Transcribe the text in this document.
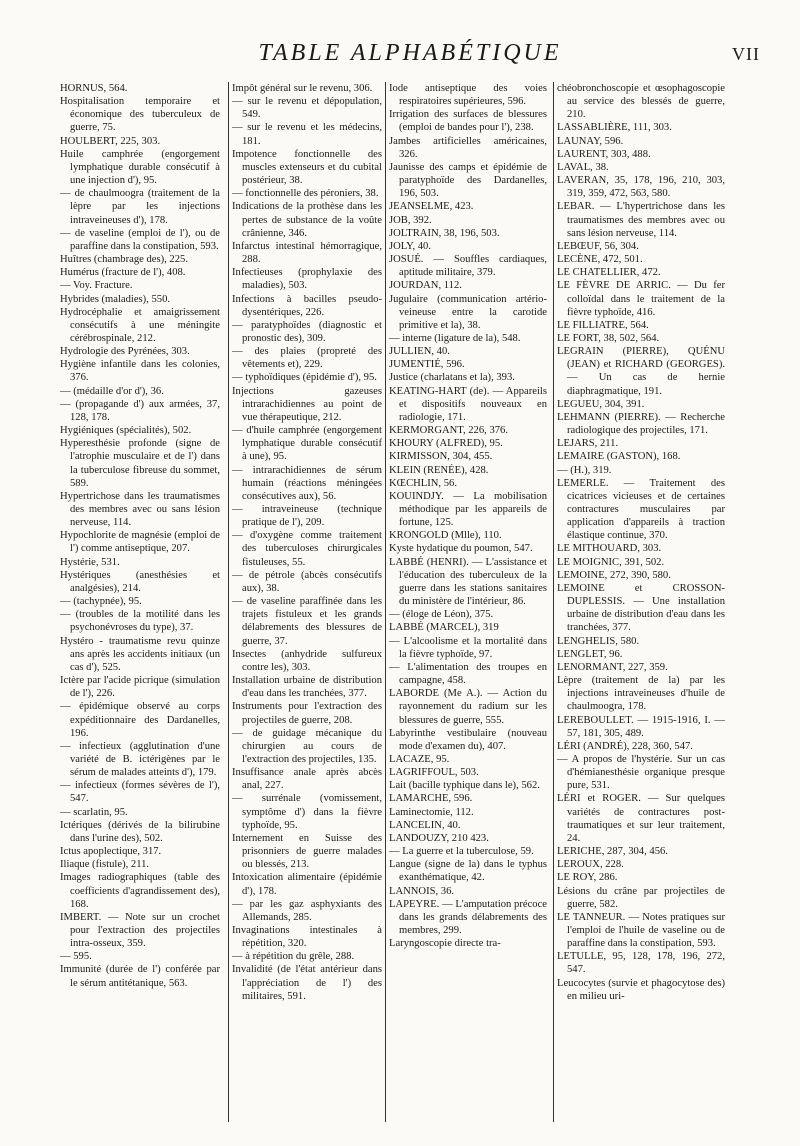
TABLE ALPHABÉTIQUE	VII

HORNUS, 564.

Hospitalisation temporaire et économique des tuberculeux de guerre, 75.

HOULBERT, 225, 303.

Huile camphrée (engorgement lymphatique durable consécutif à une injection d'), 95.

— de chaulmoogra (traitement de la lèpre par les injections intraveineuses d'), 178.

— de vaseline (emploi de l'), ou de paraffine dans la constipation, 593.

Huîtres (chambrage des), 225.

Humérus (fracture de l'), 408.

— Voy. Fracture.

Hybrides (maladies), 550.

Hydrocéphalie et amaigrissement consécutifs à une méningite cérébrospinale, 212.

Hydrologie des Pyrénées, 303.

Hygiène infantile dans les colonies, 376.

— (médaille d'or d'), 36.

— (propagande d') aux armées, 37, 128, 178.

Hygiéniques (spécialités), 502.

Hyperesthésie profonde (signe de l'atrophie musculaire et de l') dans la tuberculose fibreuse du sommet, 589.

Hypertrichose dans les traumatismes des membres avec ou sans lésion nerveuse, 114.

Hypochlorite de magnésie (emploi de l') comme antiseptique, 207.

Hystérie, 531.

Hystériques (anesthésies et analgésies), 214.

— (tachypnée), 95.

— (troubles de la motilité dans les psychonévroses du type), 37.

Hystéro - traumatisme revu quinze ans après les accidents initiaux (un cas d'), 525.

Ictère par l'acide picrique (simulation de l'), 226.

— épidémique observé au corps expéditionnaire des Dardanelles, 196.

— infectieux (agglutination d'une variété de B. ictérigènes par le sérum de malades atteints d'), 179.

— infectieux (formes sévères de l'), 547.

— scarlatin, 95.

Ictériques (dérivés de la bilirubine dans l'urine des), 502.

Ictus apoplectique, 317.

Iliaque (fistule), 211.

Images radiographiques (table des coefficients d'agrandissement des), 168.

IMBERT. — Note sur un crochet pour l'extraction des projectiles intra-osseux, 359.

— 595.

Immunité (durée de l') conférée par le sérum antitétanique, 563.

Impôt général sur le revenu, 306.

— sur le revenu et dépopulation, 549.

— sur le revenu et les médecins, 181.

Impotence fonctionnelle des muscles extenseurs et du cubital postérieur, 38.

— fonctionnelle des péroniers, 38.

Indications de la prothèse dans les pertes de substance de la voûte crânienne, 346.

Infarctus intestinal hémorragique, 288.

Infectieuses (prophylaxie des maladies), 503.

Infections à bacilles pseudo-dysentériques, 226.

— paratyphoïdes (diagnostic et pronostic des), 309.

— des plaies (propreté des vêtements et), 229.

— typhoïdiques (épidémie d'), 95.

Injections gazeuses intrarachidiennes au point de vue thérapeutique, 212.

— d'huile camphrée (engorgement lymphatique durable consécutif à une), 95.

— intrarachidiennes de sérum humain (réactions méningées consécutives aux), 56.

— intraveineuse (technique pratique de l'), 209.

— d'oxygène comme traitement des tuberculoses chirurgicales fistuleuses, 55.

— de pétrole (abcès consécutifs aux), 38.

— de vaseline paraffinée dans les trajets fistuleux et les grands délabrements des blessures de guerre, 37.

Insectes (anhydride sulfureux contre les), 303.

Installation urbaine de distribution d'eau dans les tranchées, 377.

Instruments pour l'extraction des projectiles de guerre, 208.

— de guidage mécanique du chirurgien au cours de l'extraction des projectiles, 135.

Insuffisance anale après abcès anal, 227.

— surrénale (vomissement, symptôme d') dans la fièvre typhoïde, 95.

Internement en Suisse des prisonniers de guerre malades ou blessés, 213.

Intoxication alimentaire (épidémie d'), 178.

— par les gaz asphyxiants des Allemands, 285.

Invaginations intestinales à répétition, 320.

— à répétition du grêle, 288.

Invalidité (de l'état antérieur dans l'appréciation de l') des militaires, 591.

Iode antiseptique des voies respiratoires supérieures, 596.

Irrigation des surfaces de blessures (emploi de bandes pour l'), 238.

Jambes artificielles américaines, 326.

Jaunisse des camps et épidémie de paratyphoïde des Dardanelles, 196, 503.

JEANSELME, 423.

JOB, 392.

JOLTRAIN, 38, 196, 503.

JOLY, 40.

JOSUÉ. — Souffles cardiaques, aptitude militaire, 379.

JOURDAN, 112.

Jugulaire (communication artério-veineuse entre la carotide primitive et la), 38.

— interne (ligature de la), 548.

JULLIEN, 40.

JUMENTIÉ, 596.

Justice (charlatans et la), 393.

KEATING-HART (de). — Appareils et dispositifs nouveaux en radiologie, 171.

KERMORGANT, 226, 376.

KHOURY (ALFRED), 95.

KIRMISSON, 304, 455.

KLEIN (RENÉE), 428.

KŒCHLIN, 56.

KOUINDJY. — La mobilisation méthodique par les appareils de fortune, 125.

KRONGOLD (Mlle), 110.

Kyste hydatique du poumon, 547.

LABBÉ (HENRI). — L'assistance et l'éducation des tuberculeux de la guerre dans les stations sanitaires du ministère de l'intérieur, 86.

— (éloge de Léon), 375.

LABBÉ (MARCEL), 319

— L'alcoolisme et la mortalité dans la fièvre typhoïde, 97.

— L'alimentation des troupes en campagne, 458.

LABORDE (Me A.). — Action du rayonnement du radium sur les blessures de guerre, 555.

Labyrinthe vestibulaire (nouveau mode d'examen du), 407.

LACAZE, 95.

LAGRIFFOUL, 503.

Lait (bacille typhique dans le), 562.

LAMARCHE, 596.

Laminectomie, 112.

LANCELIN, 40.

LANDOUZY, 210 423.

— La guerre et la tuberculose, 59.

Langue (signe de la) dans le typhus exanthématique, 42.

LANNOIS, 36.

LAPEYRE. — L'amputation précoce dans les grands délabrements des membres, 299.

Laryngoscopie directe tra-

chéobronchoscopie et œsophagoscopie au service des blessés de guerre, 210.

LASSABLIÈRE, 111, 303.

LAUNAY, 596.

LAURENT, 303, 488.

LAVAL, 38.

LAVERAN, 35, 178, 196, 210, 303, 319, 359, 472, 563, 580.

LEBAR. — L'hypertrichose dans les traumatismes des membres avec ou sans lésion nerveuse, 114.

LEBŒUF, 56, 304.

LECÈNE, 472, 501.

LE CHATELLIER, 472.

LE FÈVRE DE ARRIC. — Du fer colloïdal dans le traitement de la fièvre typhoïde, 416.

LE FILLIATRE, 564.

LE FORT, 38, 502, 564.

LEGRAIN (PIERRE), QUÉNU (JEAN) et RICHARD (GEORGES). — Un cas de hernie diaphragmatique, 191.

LEGUEU, 304, 391.

LEHMANN (PIERRE). — Recherche radiologique des projectiles, 171.

LEJARS, 211.

LEMAIRE (GASTON), 168.

— (H.), 319.

LEMERLE. — Traitement des cicatrices vicieuses et de certaines contractures musculaires par application d'appareils à traction élastique continue, 370.

LE MITHOUARD, 303.

LE MOIGNIC, 391, 502.

LEMOINE, 272, 390, 580.

LEMOINE et CROSSON-DUPLESSIS. — Une installation urbaine de distribution d'eau dans les tranchées, 377.

LENGHELIS, 580.

LENGLET, 96.

LENORMANT, 227, 359.

Lèpre (traitement de la) par les injections intraveineuses d'huile de chaulmoogra, 178.

LEREBOULLET. — 1915-1916, I. — 57, 181, 305, 489.

LÉRI (ANDRÉ), 228, 360, 547.

— A propos de l'hystérie. Sur un cas d'hémianesthésie organique presque pure, 531.

LÉRI et ROGER. — Sur quelques variétés de contractures post-traumatiques et sur leur traitement, 24.

LERICHE, 287, 304, 456.

LEROUX, 228.

LE ROY, 286.

Lésions du crâne par projectiles de guerre, 582.

LE TANNEUR. — Notes pratiques sur l'emploi de l'huile de vaseline ou de paraffine dans la constipation, 593.

LETULLE, 95, 128, 178, 196, 272, 547.

Leucocytes (survie et phagocytose des) en milieu uri-
